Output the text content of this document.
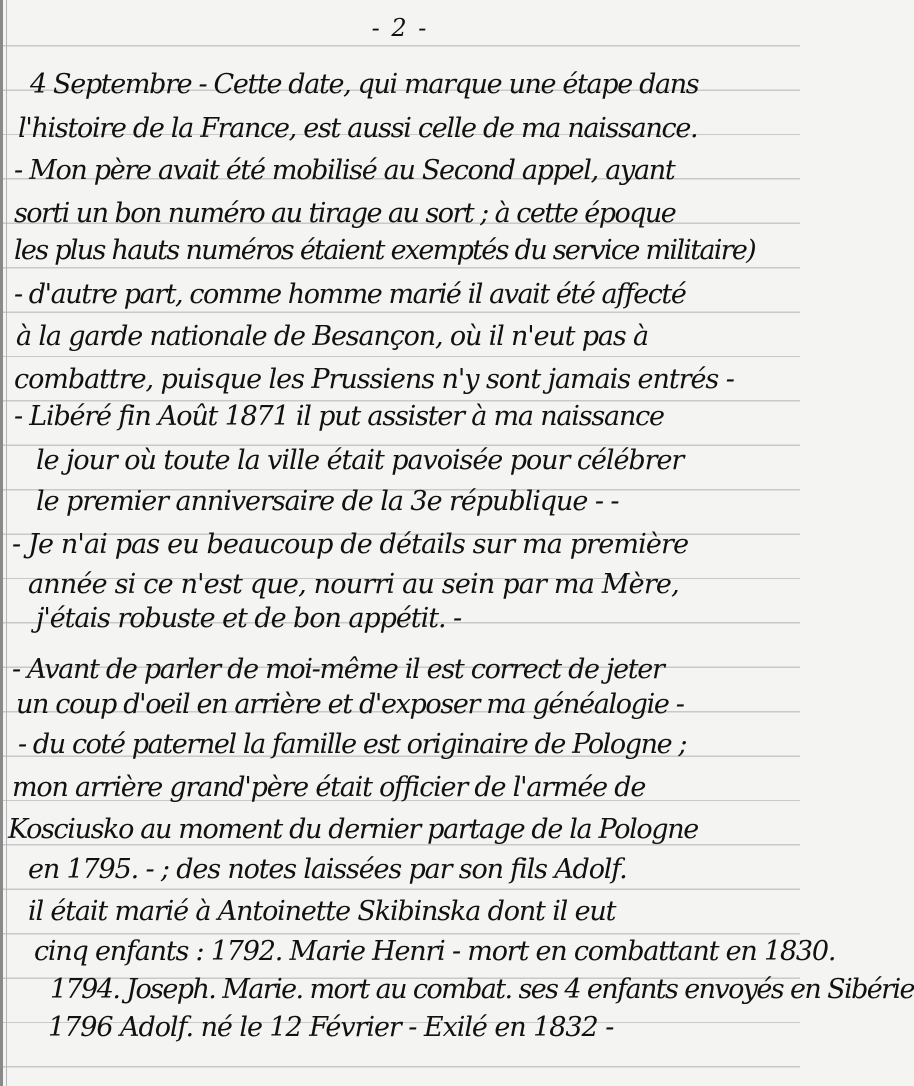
- 2 -
4 Septembre - Cette date, qui marque une étape dans
l'histoire de la France, est aussi celle de ma naissance.
- Mon père avait été mobilisé au Second appel, ayant
sorti un bon numéro au tirage au sort ; à cette époque
les plus hauts numéros étaient exemptés du service militaire)
- d'autre part, comme homme marié il avait été affecté
à la garde nationale de Besançon, où il n'eut pas à
combattre, puisque les Prussiens n'y sont jamais entrés -
- Libéré fin Août 1871 il put assister à ma naissance
le jour où toute la ville était pavoisée pour célébrer
le premier anniversaire de la 3e république - -
- Je n'ai pas eu beaucoup de détails sur ma première
année si ce n'est que, nourri au sein par ma Mère,
j'étais robuste et de bon appétit. -
- Avant de parler de moi-même il est correct de jeter
un coup d'oeil en arrière et d'exposer ma généalogie -
- du coté paternel la famille est originaire de Pologne ;
mon arrière grand'père était officier de l'armée de
Kosciusko au moment du dernier partage de la Pologne
en 1795. - ; des notes laissées par son fils Adolf.
il était marié à Antoinette Skibinska dont il eut
cinq enfants : 1792. Marie Henri - mort en combattant en 1830.
1794. Joseph. Marie. mort au combat. ses 4 enfants envoyés en Sibérie
1796 Adolf. né le 12 Février - Exilé en 1832 -
